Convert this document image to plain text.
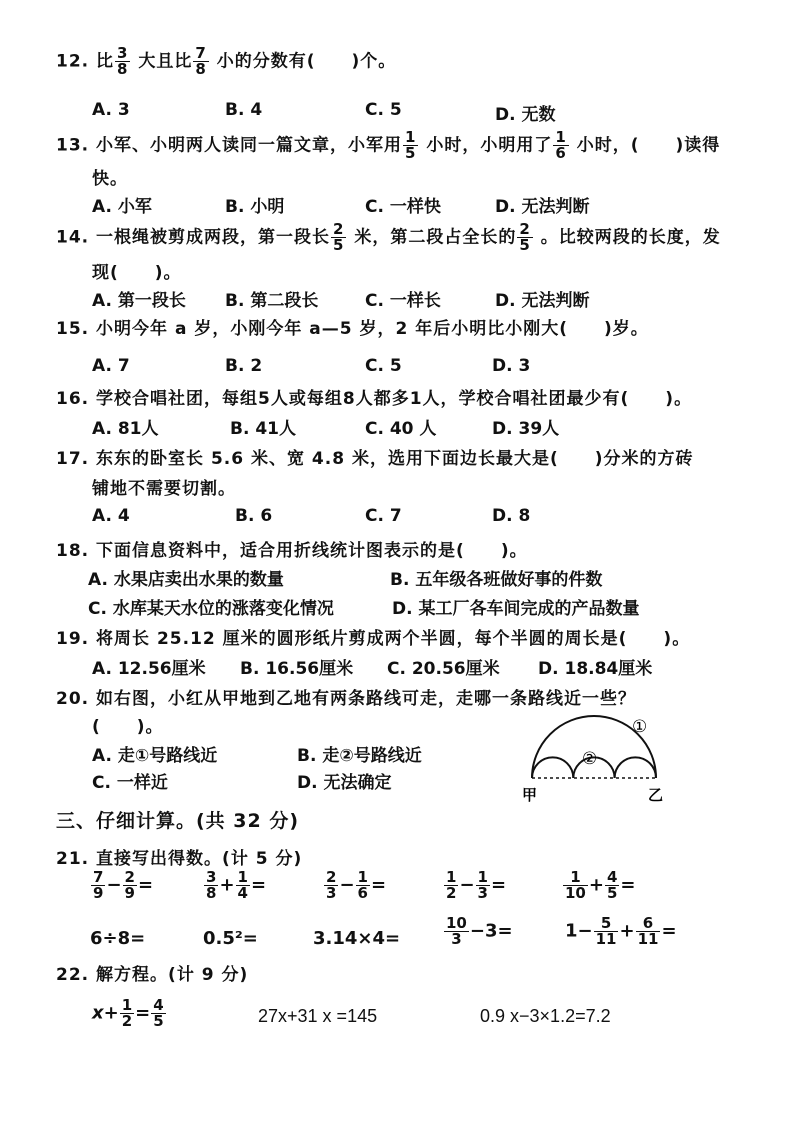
12. 比 $\frac{3}{8}$ 大且比 $\frac{7}{8}$ 小的分数有(　　)个。
A. 3	B. 4	C. 5	D. 无数
13. 小军、小明两人读同一篇文章，小军用 $\frac{1}{5}$ 小时，小明用了 $\frac{1}{6}$ 小时，(　　)读得
快。
A. 小军	B. 小明	C. 一样快	D. 无法判断
14. 一根绳被剪成两段，第一段长 $\frac{2}{5}$ 米，第二段占全长的 $\frac{2}{5}$ 。比较两段的长度，发
现(　　)。
A. 第一段长 B. 第二段长	C. 一样长	D. 无法判断
15. 小明今年 a 岁，小刚今年 a—5 岁，2 年后小明比小刚大(　　)岁。
A. 7	B. 2	C. 5	D. 3
16. 学校合唱社团，每组5人或每组8人都多1人，学校合唱社团最少有(　　)。
A. 81人	B. 41人	C. 40 人	D. 39人
17. 东东的卧室长 5.6 米、宽 4.8 米，选用下面边长最大是(　　)分米的方砖
铺地不需要切割。
A. 4	B. 6	C. 7	D. 8
18. 下面信息资料中，适合用折线统计图表示的是(　　)。
A. 水果店卖出水果的数量	B. 五年级各班做好事的件数
C. 水库某天水位的涨落变化情况	D. 某工厂各车间完成的产品数量
19. 将周长 25.12 厘米的圆形纸片剪成两个半圆，每个半圆的周长是(　　)。
A. 12.56厘米 B. 16.56厘米 C. 20.56厘米 D. 18.84厘米
20. 如右图，小红从甲地到乙地有两条路线可走，走哪一条路线近一些？
(　　)。
A. 走①号路线近	B. 走②号路线近
C. 一样近	D. 无法确定
①
②
甲	乙
三、仔细计算。(共 32 分)
21. 直接写出得数。(计 5 分)
$\frac{7}{9} - \frac{2}{9}$ =	$\frac{3}{8} + \frac{1}{4}$ =	$\frac{2}{3} - \frac{1}{6}$ =	$\frac{1}{2} - \frac{1}{3}$ =	$\frac{1}{10} + \frac{4}{5}$ =
6÷8=	0.5²=	3.14×4=	$\frac{10}{3} -3=$	$1- \frac{5}{11} + \frac{6}{11}$ =
22. 解方程。(计 9 分)
$x+ \frac{1}{2} = \frac{4}{5}$	27x+31 x =145	0.9 x−3×1.2=7.2
